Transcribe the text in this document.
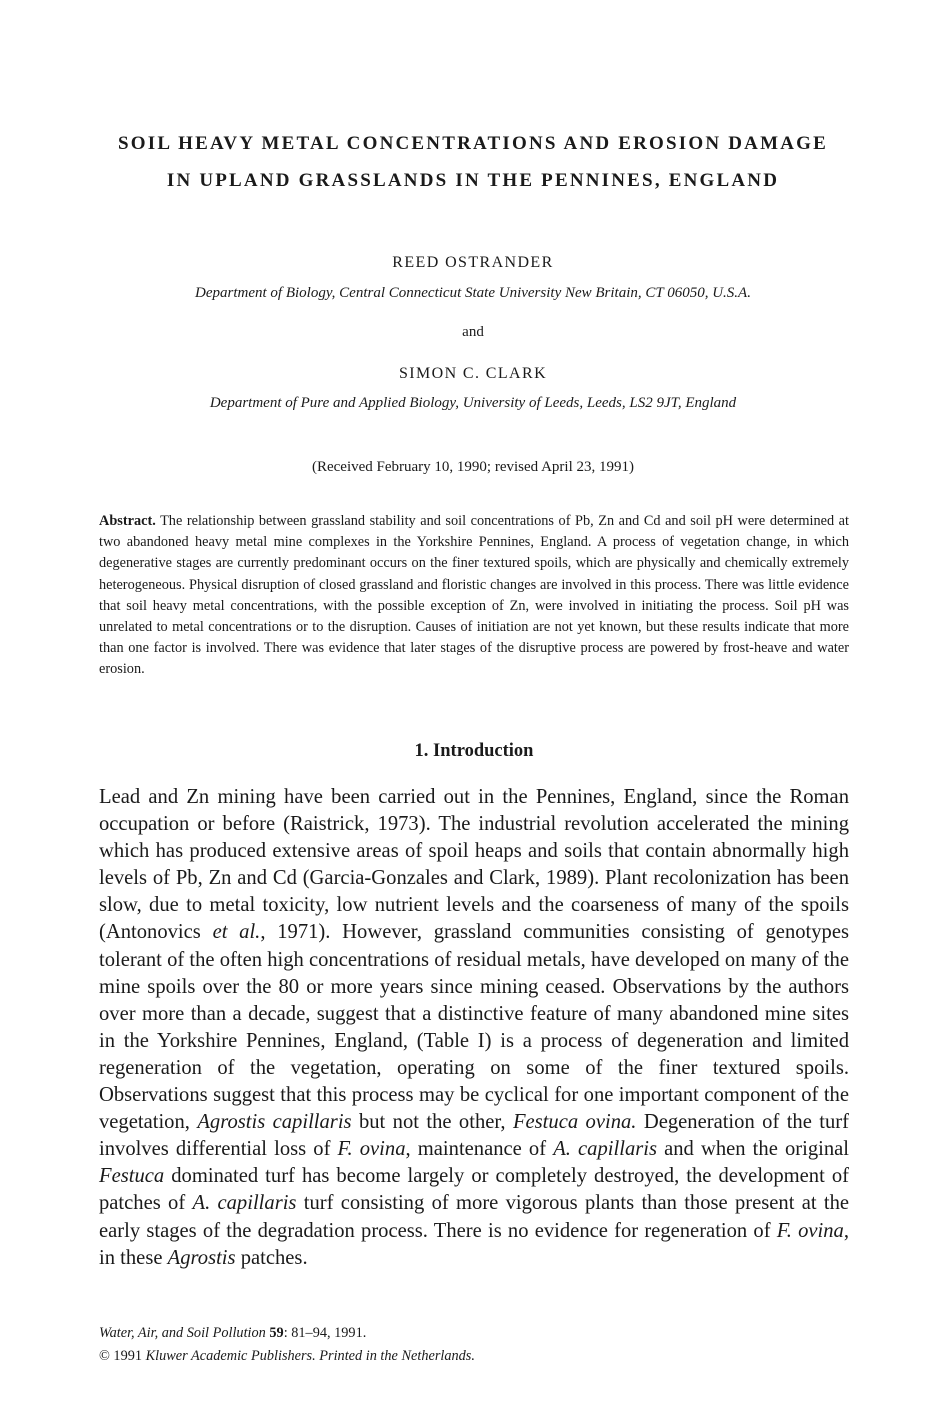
SOIL HEAVY METAL CONCENTRATIONS AND EROSION DAMAGE
IN UPLAND GRASSLANDS IN THE PENNINES, ENGLAND
REED OSTRANDER
Department of Biology, Central Connecticut State University New Britain, CT 06050, U.S.A.
and
SIMON C. CLARK
Department of Pure and Applied Biology, University of Leeds, Leeds, LS2 9JT, England
(Received February 10, 1990; revised April 23, 1991)
Abstract. The relationship between grassland stability and soil concentrations of Pb, Zn and Cd and soil pH were determined at two abandoned heavy metal mine complexes in the Yorkshire Pennines, England. A process of vegetation change, in which degenerative stages are currently predominant occurs on the finer textured spoils, which are physically and chemically extremely heterogeneous. Physical disruption of closed grassland and floristic changes are involved in this process. There was little evidence that soil heavy metal concentrations, with the possible exception of Zn, were involved in initiating the process. Soil pH was unrelated to metal concentrations or to the disruption. Causes of initiation are not yet known, but these results indicate that more than one factor is involved. There was evidence that later stages of the disruptive process are powered by frost-heave and water erosion.
1. Introduction
Lead and Zn mining have been carried out in the Pennines, England, since the Roman occupation or before (Raistrick, 1973). The industrial revolution accelerated the mining which has produced extensive areas of spoil heaps and soils that contain abnormally high levels of Pb, Zn and Cd (Garcia-Gonzales and Clark, 1989). Plant recolonization has been slow, due to metal toxicity, low nutrient levels and the coarseness of many of the spoils (Antonovics et al., 1971). However, grassland communities consisting of genotypes tolerant of the often high concentrations of residual metals, have developed on many of the mine spoils over the 80 or more years since mining ceased. Observations by the authors over more than a decade, suggest that a distinctive feature of many abandoned mine sites in the Yorkshire Pennines, England, (Table I) is a process of degeneration and limited regeneration of the vegetation, operating on some of the finer textured spoils. Observations suggest that this process may be cyclical for one important component of the vegetation, Agrostis capillaris but not the other, Festuca ovina. Degeneration of the turf involves differential loss of F. ovina, maintenance of A. capillaris and when the original Festuca dominated turf has become largely or completely destroyed, the development of patches of A. capillaris turf consisting of more vigorous plants than those present at the early stages of the degradation process. There is no evidence for regeneration of F. ovina, in these Agrostis patches.
Water, Air, and Soil Pollution 59: 81–94, 1991.
© 1991 Kluwer Academic Publishers. Printed in the Netherlands.
